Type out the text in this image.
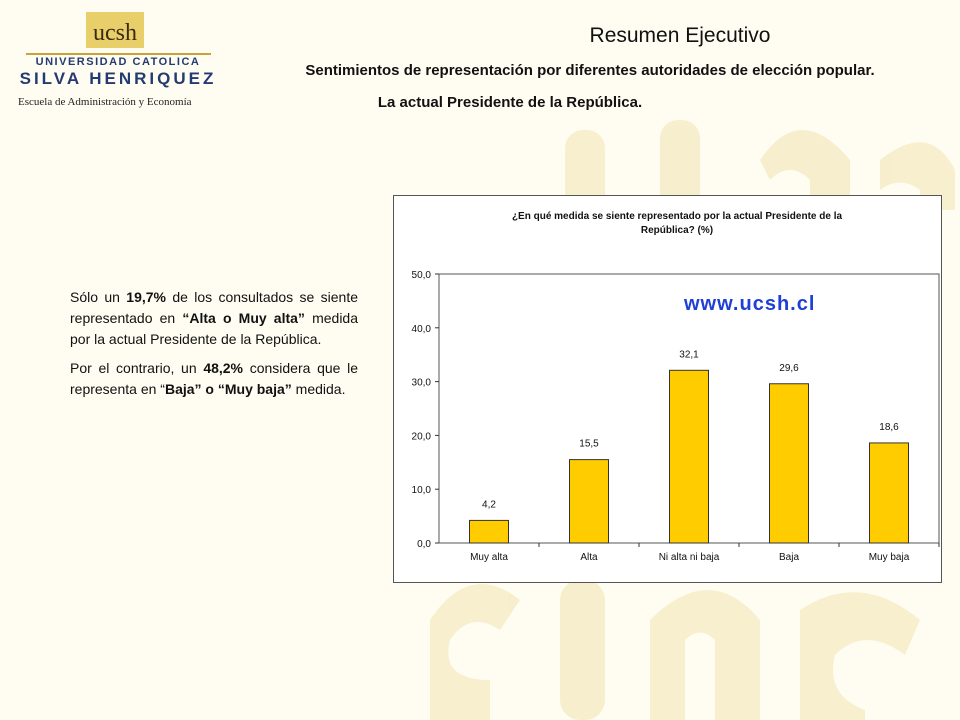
ucsh
UNIVERSIDAD CATOLICA
SILVA HENRIQUEZ
Escuela de Administración y Economía
Resumen Ejecutivo
Sentimientos de representación por diferentes autoridades de elección popular.
La actual Presidente de la República.

Sólo un 19,7% de los consultados se siente representado en “Alta o Muy alta” medida por la actual Presidente de la República.

Por el contrario, un 48,2% considera que le representa en “Baja” o “Muy baja” medida.

¿En qué medida se siente representado por la actual Presidente de la
República? (%)
0,0
10,0
20,0
30,0
40,0
50,0
Muy alta	Alta	Ni alta ni baja	Baja	Muy baja
4,2
15,5
32,1
29,6
18,6
www.ucsh.cl
